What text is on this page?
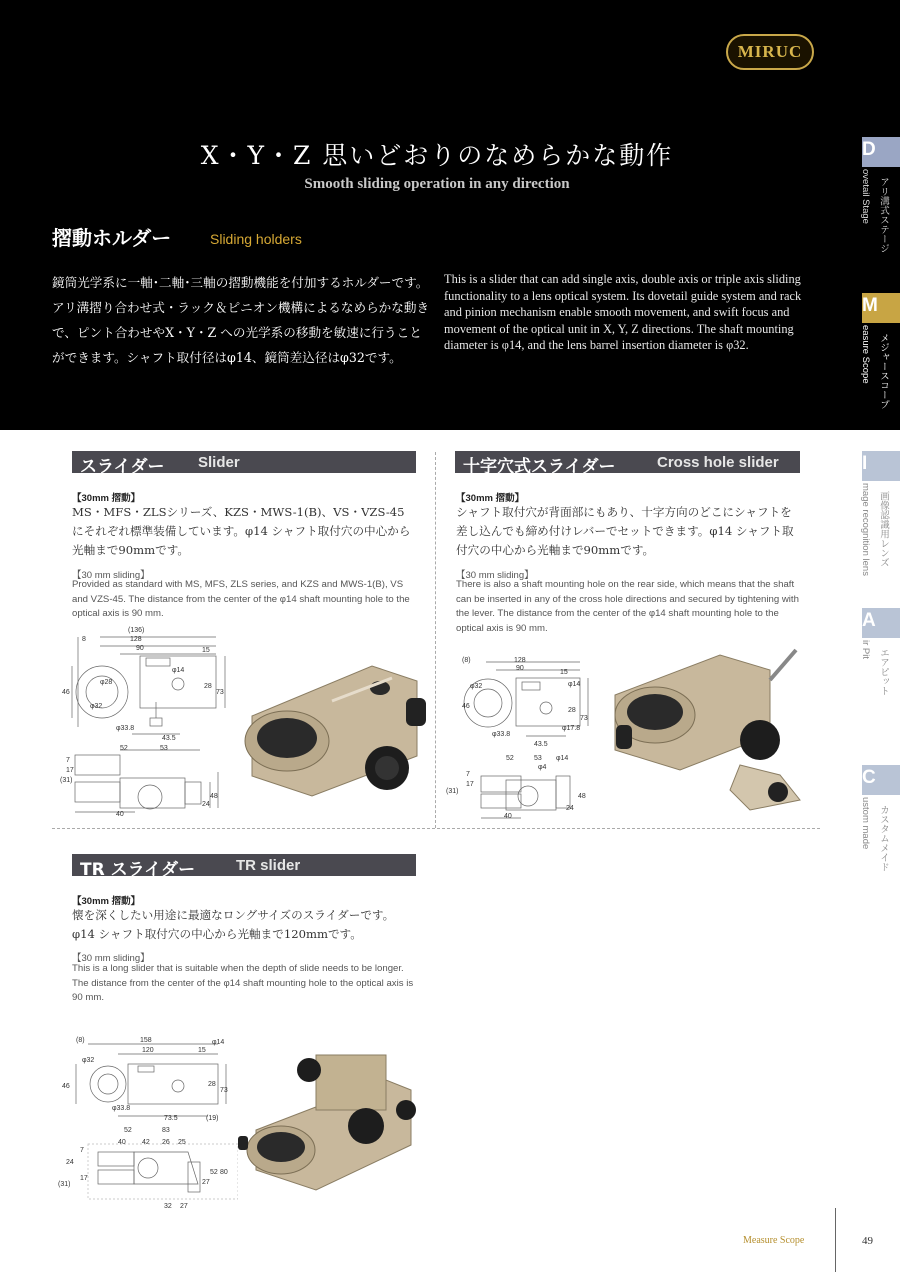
MIRUC
X・Y・Z 思いどおりのなめらかな動作
Smooth sliding operation in any direction
摺動ホルダー	Sliding holders
鏡筒光学系に一軸･二軸･三軸の摺動機能を付加するホルダーです。アリ溝摺り合わせ式・ラック＆ピニオン機構によるなめらかな動きで、ピント合わせやX・Y・Z への光学系の移動を敏速に行うことができます。シャフト取付径はφ14、鏡筒差込径はφ32です。
This is a slider that can add single axis, double axis or triple axis sliding functionality to a lens optical system. Its dovetail guide system and rack and pinion mechanism enable smooth movement, and swift focus and movement of the optical unit in X, Y, Z directions. The shaft mounting diameter is φ14, and the lens barrel insertion diameter is φ32.
D
ovetail Stage アリ溝式ステージ
M
easure Scope メジャースコープ
I
mage recognition lens 画像認識用レンズ
A
ir Pit エアピット
C
ustom made カスタムメイド
スライダー Slider
【30mm 摺動】
MS・MFS・ZLSシリーズ、KZS・MWS-1(B)、VS・VZS-45 にそれぞれ標準装備しています。φ14 シャフト取付穴の中心から光軸まで90mmです。
【30 mm sliding】
Provided as standard with MS, MFS, ZLS series, and KZS and MWS-1(B), VS and VZS-45. The distance from the center of the φ14 shaft mounting hole to the optical axis is 90 mm.
(136)
128
90	15
8
46
28
73
φ28
φ32
φ14
φ33.8
43.5
52	53
40
(31)
7
17
24
48
十字穴式スライダー	Cross hole slider
【30mm 摺動】
シャフト取付穴が背面部にもあり、十字方向のどこにシャフトを差し込んでも締め付けレバーでセットできます。φ14 シャフト取付穴の中心から光軸まで90mmです。
【30 mm sliding】
There is also a shaft mounting hole on the rear side, which means that the shaft can be inserted in any of the cross hole directions and secured by tightening with the lever. The distance from the center of the φ14 shaft mounting hole to the optical axis is 90 mm.
(8)	128
90
15
46
28
73
φ33.8
43.5
φ17.8
52	53
φ4
40
(31)
7
17
24
48
φ14
φ14
φ32
TR スライダー	TR slider
【30mm 摺動】
懐を深くしたい用途に最適なロングサイズのスライダーです。φ14 シャフト取付穴の中心から光軸まで120mmです。
【30 mm sliding】
This is a long slider that is suitable when the depth of slide needs to be longer. The distance from the center of the φ14 shaft mounting hole to the optical axis is 90 mm.
(8)	158
120	15
φ14
φ32
46	28
73
φ33.8
73.5	(19)
52	83
40 42 26 25
(31)
24
7
17
27
32 27
52 80
Measure Scope	49
